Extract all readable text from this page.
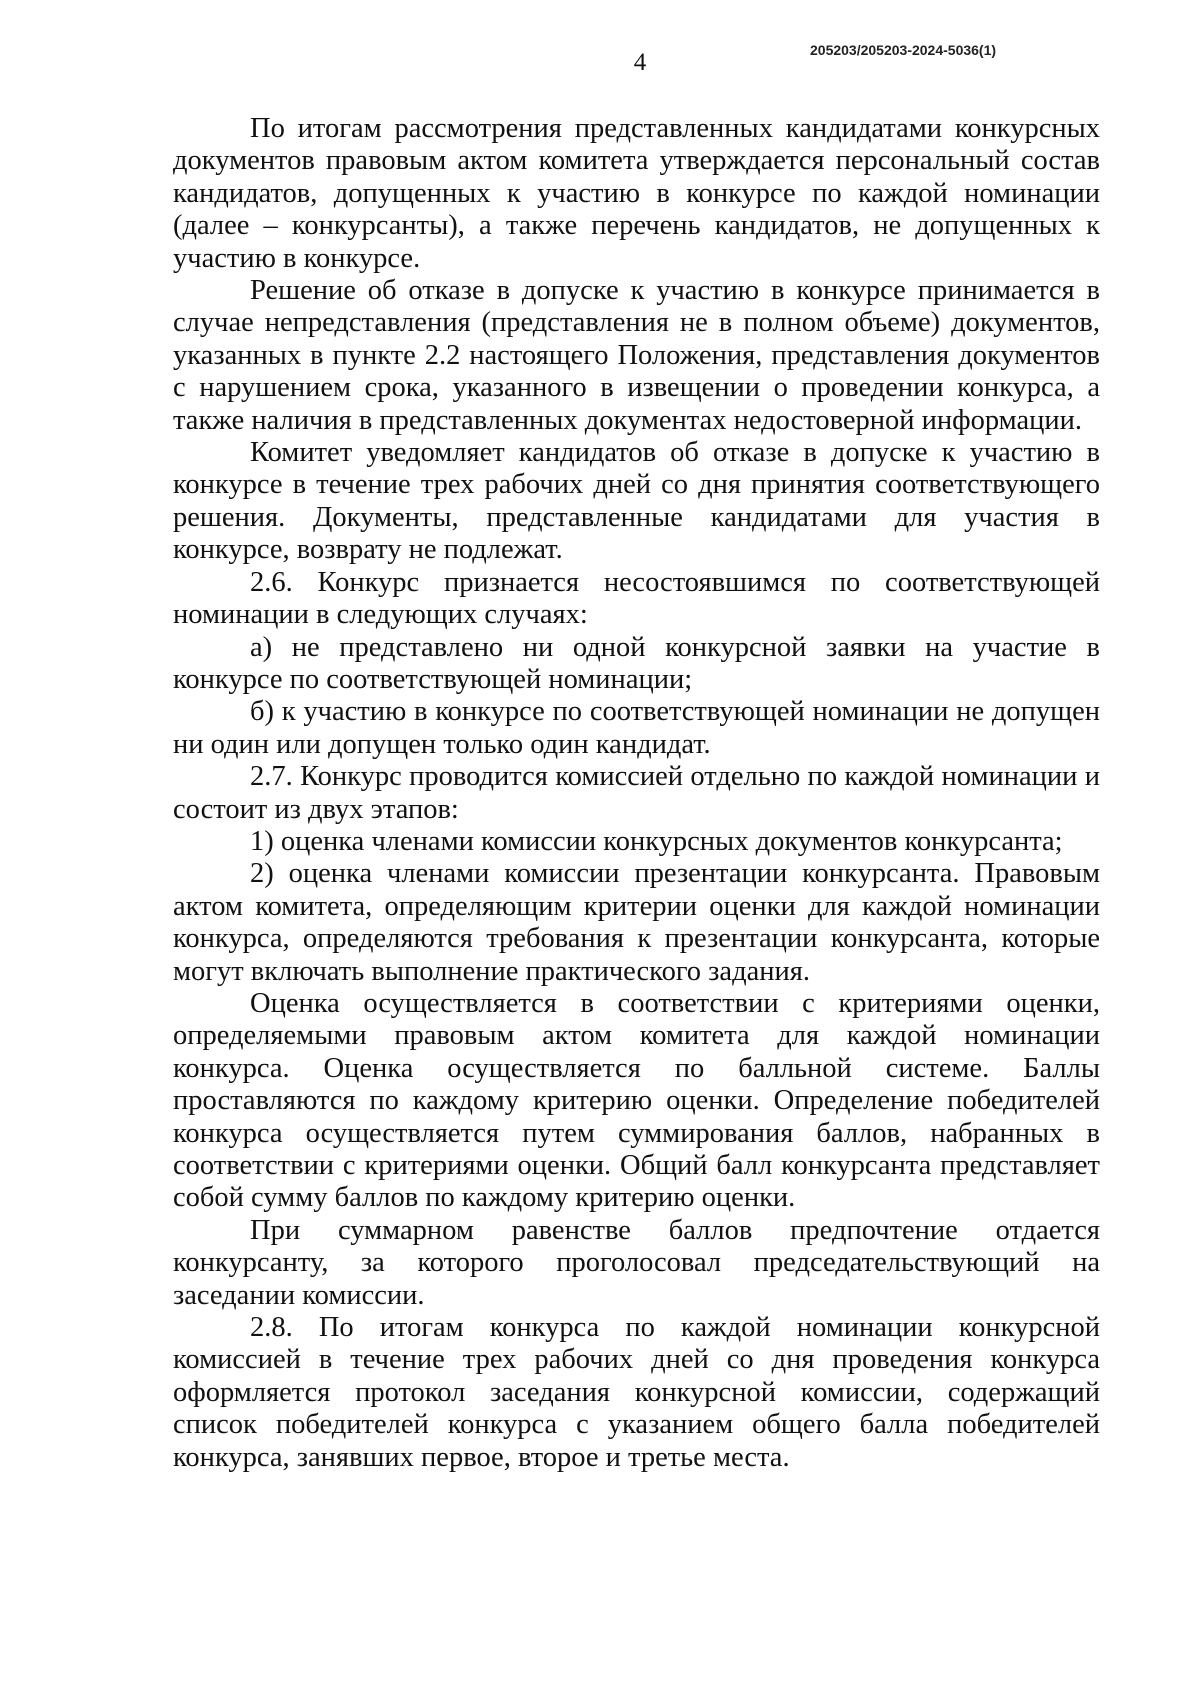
4	205203/205203-2024-5036(1)

По итогам рассмотрения представленных кандидатами конкурсных документов правовым актом комитета утверждается персональный состав кандидатов, допущенных к участию в конкурсе по каждой номинации (далее – конкурсанты), а также перечень кандидатов, не допущенных к участию в конкурсе.

Решение об отказе в допуске к участию в конкурсе принимается в случае непредставления (представления не в полном объеме) документов, указанных в пункте 2.2 настоящего Положения, представления документов с нарушением срока, указанного в извещении о проведении конкурса, а также наличия в представленных документах недостоверной информации.

Комитет уведомляет кандидатов об отказе в допуске к участию в конкурсе в течение трех рабочих дней со дня принятия соответствующего решения. Документы, представленные кандидатами для участия в конкурсе, возврату не подлежат.

2.6. Конкурс признается несостоявшимся по соответствующей номинации в следующих случаях:

а) не представлено ни одной конкурсной заявки на участие в конкурсе по соответствующей номинации;

б) к участию в конкурсе по соответствующей номинации не допущен ни один или допущен только один кандидат.

2.7. Конкурс проводится комиссией отдельно по каждой номинации и состоит из двух этапов:

1) оценка членами комиссии конкурсных документов конкурсанта;

2) оценка членами комиссии презентации конкурсанта. Правовым актом комитета, определяющим критерии оценки для каждой номинации конкурса, определяются требования к презентации конкурсанта, которые могут включать выполнение практического задания.

Оценка осуществляется в соответствии с критериями оценки, определяемыми правовым актом комитета для каждой номинации конкурса. Оценка осуществляется по балльной системе. Баллы проставляются по каждому критерию оценки. Определение победителей конкурса осуществляется путем суммирования баллов, набранных в соответствии с критериями оценки. Общий балл конкурсанта представляет собой сумму баллов по каждому критерию оценки.

При суммарном равенстве баллов предпочтение отдается конкурсанту, за которого проголосовал председательствующий на заседании комиссии.

2.8. По итогам конкурса по каждой номинации конкурсной комиссией в течение трех рабочих дней со дня проведения конкурса оформляется протокол заседания конкурсной комиссии, содержащий список победителей конкурса с указанием общего балла победителей конкурса, занявших первое, второе и третье места.
